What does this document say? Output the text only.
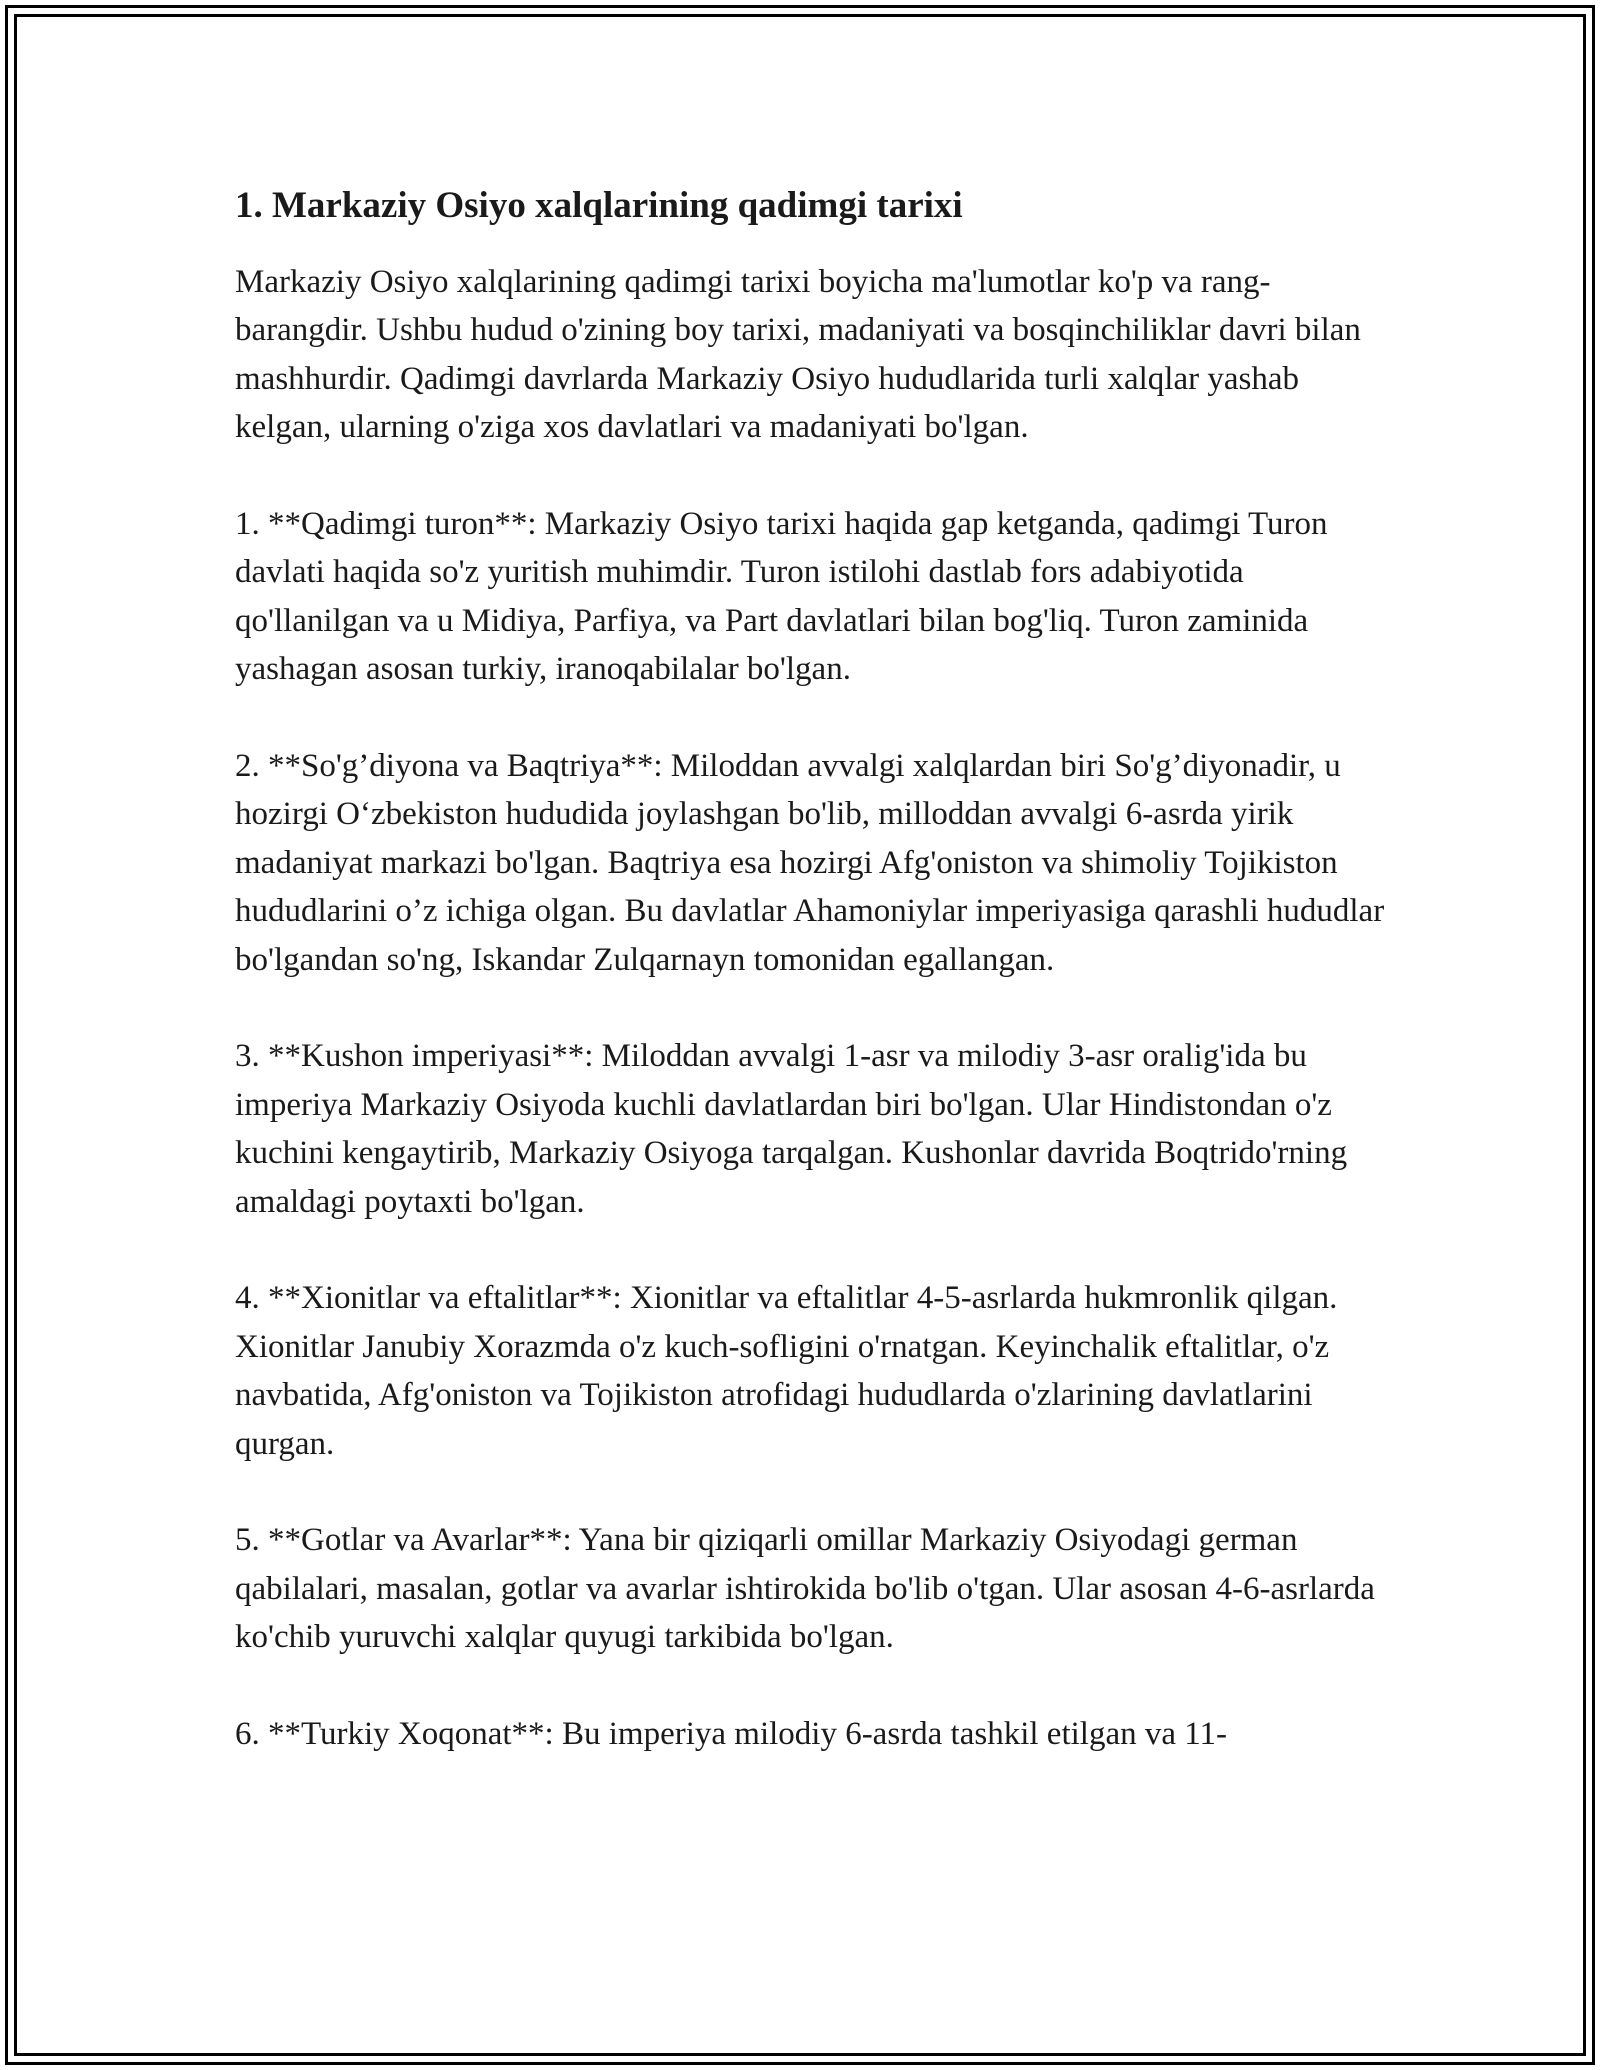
1. Markaziy Osiyo xalqlarining qadimgi tarixi

Markaziy Osiyo xalqlarining qadimgi tarixi boyicha ma'lumotlar ko'p va rang-barangdir. Ushbu hudud o'zining boy tarixi, madaniyati va bosqinchiliklar davri bilan mashhurdir. Qadimgi davrlarda Markaziy Osiyo hududlarida turli xalqlar yashab kelgan, ularning o'ziga xos davlatlari va madaniyati bo'lgan.

1. **Qadimgi turon**: Markaziy Osiyo tarixi haqida gap ketganda, qadimgi Turon davlati haqida so'z yuritish muhimdir. Turon istilohi dastlab fors adabiyotida qo'llanilgan va u Midiya, Parfiya, va Part davlatlari bilan bog'liq. Turon zaminida yashagan asosan turkiy, iranoqabilalar bo'lgan.

2. **So'g’diyona va Baqtriya**: Miloddan avvalgi xalqlardan biri So'g’diyonadir, u hozirgi O‘zbekiston hududida joylashgan bo'lib, milloddan avvalgi 6-asrda yirik madaniyat markazi bo'lgan. Baqtriya esa hozirgi Afg'oniston va shimoliy Tojikiston hududlarini o’z ichiga olgan. Bu davlatlar Ahamoniylar imperiyasiga qarashli hududlar bo'lgandan so'ng, Iskandar Zulqarnayn tomonidan egallangan.

3. **Kushon imperiyasi**: Miloddan avvalgi 1-asr va milodiy 3-asr oralig'ida bu imperiya Markaziy Osiyoda kuchli davlatlardan biri bo'lgan. Ular Hindistondan o'z kuchini kengaytirib, Markaziy Osiyoga tarqalgan. Kushonlar davrida Boqtrido'rning amaldagi poytaxti bo'lgan.

4. **Xionitlar va eftalitlar**: Xionitlar va eftalitlar 4-5-asrlarda hukmronlik qilgan. Xionitlar Janubiy Xorazmda o'z kuch-sofligini o'rnatgan. Keyinchalik eftalitlar, o'z navbatida, Afg'oniston va Tojikiston atrofidagi hududlarda o'zlarining davlatlarini qurgan.

5. **Gotlar va Avarlar**: Yana bir qiziqarli omillar Markaziy Osiyodagi german qabilalari, masalan, gotlar va avarlar ishtirokida bo'lib o'tgan. Ular asosan 4-6-asrlarda ko'chib yuruvchi xalqlar quyugi tarkibida bo'lgan.

6. **Turkiy Xoqonat**: Bu imperiya milodiy 6-asrda tashkil etilgan va 11-
